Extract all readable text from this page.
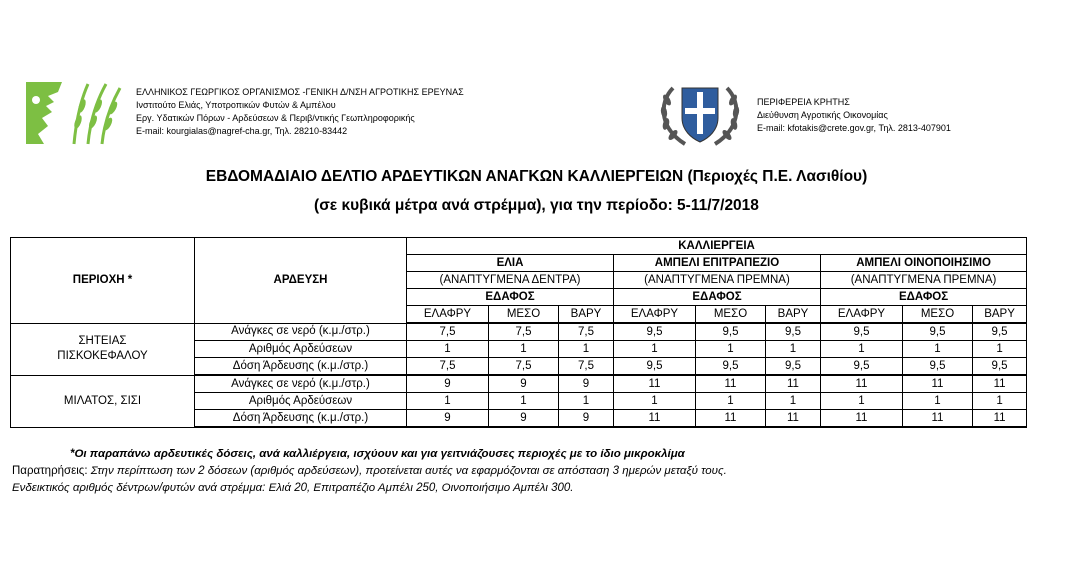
ΕΛΛΗΝΙΚΟΣ ΓΕΩΡΓΙΚΟΣ ΟΡΓΑΝΙΣΜΟΣ -ΓΕΝΙΚΗ Δ/ΝΣΗ ΑΓΡΟΤΙΚΗΣ ΕΡΕΥΝΑΣ
Ινστιτούτο Ελιάς, Υποτροπικών Φυτών & Αμπέλου
Εργ. Υδατικών Πόρων - Αρδεύσεων & Περιβ/ντικής Γεωπληροφορικής
E-mail: kourgialas@nagref-cha.gr, Τηλ. 28210-83442
ΠΕΡΙΦΕΡΕΙΑ ΚΡΗΤΗΣ
Διεύθυνση Αγροτικής Οικονομίας
E-mail: kfotakis@crete.gov.gr, Τηλ. 2813-407901
ΕΒΔΟΜΑΔΙΑΙΟ ΔΕΛΤΙΟ ΑΡΔΕΥΤΙΚΩΝ ΑΝΑΓΚΩΝ ΚΑΛΛΙΕΡΓΕΙΩΝ (Περιοχές Π.Ε. Λασιθίου)
(σε κυβικά μέτρα ανά στρέμμα), για την περίοδο: 5-11/7/2018
ΠΕΡΙΟΧΗ *	ΑΡΔΕΥΣΗ	ΚΑΛΛΙΕΡΓΕΙΑ								
		ΕΛΙΑ			ΑΜΠΕΛΙ ΕΠΙΤΡΑΠΕΖΙΟ			ΑΜΠΕΛΙ ΟΙΝΟΠΟΙΗΣΙΜΟ		
		(ΑΝΑΠΤΥΓΜΕΝΑ ΔΕΝΤΡΑ)			(ΑΝΑΠΤΥΓΜΕΝΑ ΠΡΕΜΝΑ)			(ΑΝΑΠΤΥΓΜΕΝΑ ΠΡΕΜΝΑ)		
		ΕΔΑΦΟΣ			ΕΔΑΦΟΣ			ΕΔΑΦΟΣ		
		ΕΛΑΦΡΥ	ΜΕΣΟ	ΒΑΡΥ	ΕΛΑΦΡΥ	ΜΕΣΟ	ΒΑΡΥ	ΕΛΑΦΡΥ	ΜΕΣΟ	ΒΑΡΥ

ΣΗΤΕΙΑΣ
ΠΙΣΚΟΚΕΦΑΛΟΥ	Ανάγκες σε νερό (κ.μ./στρ.)	7,5	7,5	7,5	9,5	9,5	9,5	9,5	9,5	9,5
	Αριθμός Αρδεύσεων	1	1	1	1	1	1	1	1	1
	Δόση Άρδευσης (κ.μ./στρ.)	7,5	7,5	7,5	9,5	9,5	9,5	9,5	9,5	9,5

ΜΙΛΑΤΟΣ, ΣΙΣΙ	Ανάγκες σε νερό (κ.μ./στρ.)	9	9	9	11	11	11	11	11	11
	Αριθμός Αρδεύσεων	1	1	1	1	1	1	1	1	1
	Δόση Άρδευσης (κ.μ./στρ.)	9	9	9	11	11	11	11	11	11
*Οι παραπάνω αρδευτικές δόσεις, ανά καλλιέργεια, ισχύουν και για γειτνιάζουσες περιοχές με το ίδιο μικροκλίμα
Παρατηρήσεις: Στην περίπτωση των 2 δόσεων (αριθμός αρδεύσεων), προτείνεται αυτές να εφαρμόζονται σε απόσταση 3 ημερών μεταξύ τους.
Ενδεικτικός αριθμός δέντρων/φυτών ανά στρέμμα: Ελιά 20, Επιτραπέζιο Αμπέλι 250, Οινοποιήσιμο Αμπέλι 300.
